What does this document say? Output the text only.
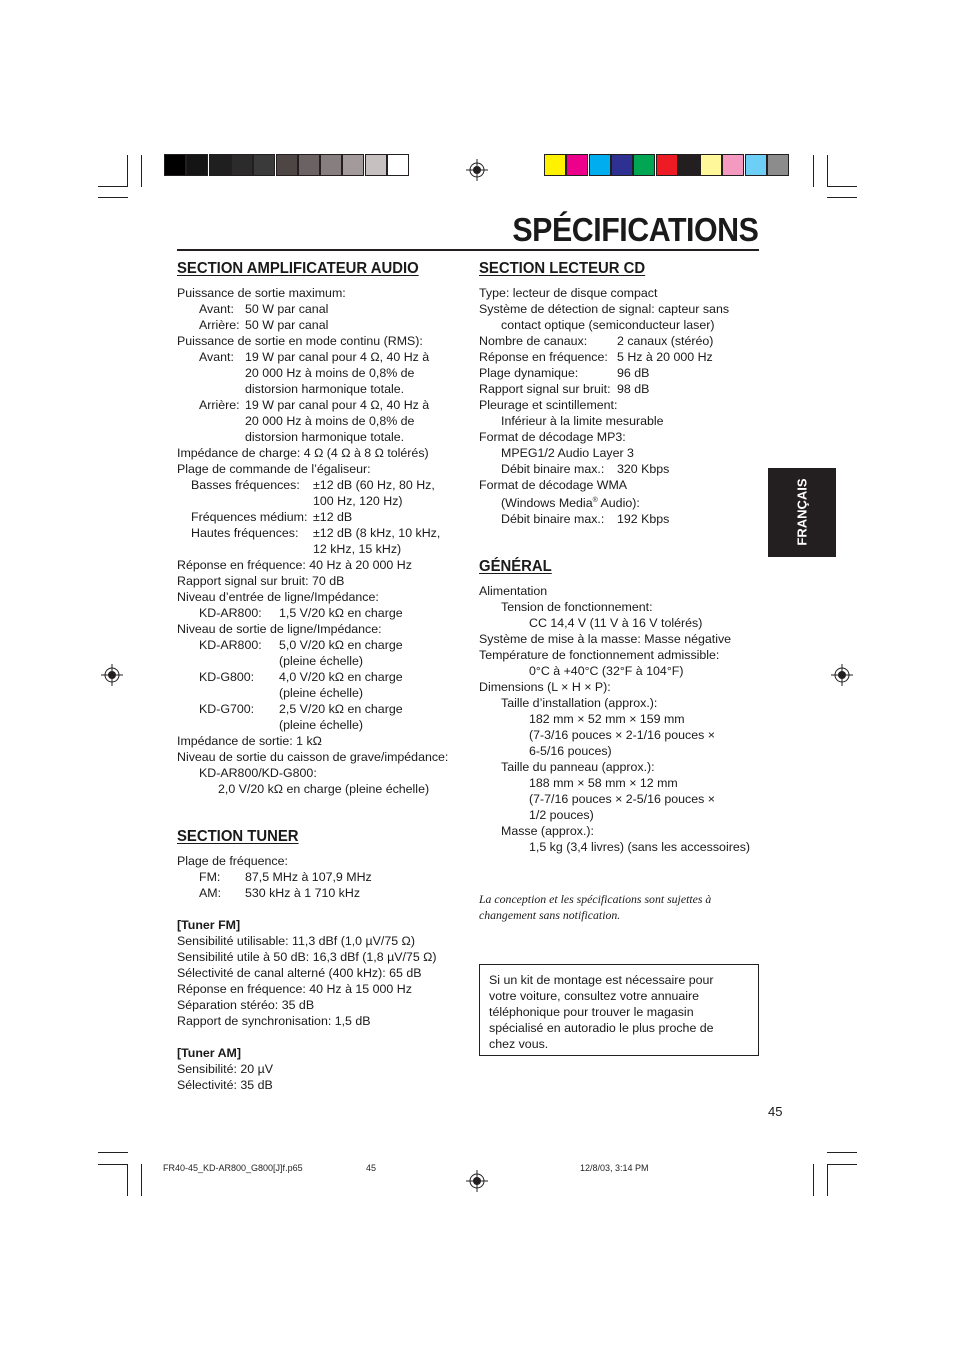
SPÉCIFICATIONS
SECTION AMPLIFICATEUR AUDIO
Puissance de sortie maximum:
Avant: 50 W par canal
Arrière: 50 W par canal
Puissance de sortie en mode continu (RMS):
Avant: 19 W par canal pour 4 Ω, 40 Hz à
20 000 Hz à moins de 0,8% de
distorsion harmonique totale.
Arrière: 19 W par canal pour 4 Ω, 40 Hz à
20 000 Hz à moins de 0,8% de
distorsion harmonique totale.
Impédance de charge: 4 Ω (4 Ω à 8 Ω tolérés)
Plage de commande de l’égaliseur:
Basses fréquences:	±12 dB (60 Hz, 80 Hz,
100 Hz, 120 Hz)
Fréquences médium: ±12 dB
Hautes fréquences:	±12 dB (8 kHz, 10 kHz,
12 kHz, 15 kHz)
Réponse en fréquence: 40 Hz à 20 000 Hz
Rapport signal sur bruit: 70 dB
Niveau d’entrée de ligne/Impédance:
KD-AR800:	1,5 V/20 kΩ en charge
Niveau de sortie de ligne/Impédance:
KD-AR800:	5,0 V/20 kΩ en charge
(pleine échelle)
KD-G800:	4,0 V/20 kΩ en charge
(pleine échelle)
KD-G700:	2,5 V/20 kΩ en charge
(pleine échelle)
Impédance de sortie: 1 kΩ
Niveau de sortie du caisson de grave/impédance:
KD-AR800/KD-G800:
2,0 V/20 kΩ en charge (pleine échelle)
SECTION TUNER
Plage de fréquence:
FM:	87,5 MHz à 107,9 MHz
AM:	530 kHz à 1 710 kHz
[Tuner FM]
Sensibilité utilisable: 11,3 dBf (1,0 µV/75 Ω)
Sensibilité utile à 50 dB: 16,3 dBf (1,8 µV/75 Ω)
Sélectivité de canal alterné (400 kHz): 65 dB
Réponse en fréquence: 40 Hz à 15 000 Hz
Séparation stéréo: 35 dB
Rapport de synchronisation: 1,5 dB
[Tuner AM]
Sensibilité: 20 µV
Sélectivité: 35 dB
SECTION LECTEUR CD
Type: lecteur de disque compact
Système de détection de signal: capteur sans
contact optique (semiconducteur laser)
Nombre de canaux:	2 canaux (stéréo)
Réponse en fréquence: 5 Hz à 20 000 Hz
Plage dynamique:	96 dB
Rapport signal sur bruit: 98 dB
Pleurage et scintillement:
Inférieur à la limite mesurable
Format de décodage MP3:
MPEG1/2 Audio Layer 3
Débit binaire max.:	320 Kbps
Format de décodage WMA
(Windows Media® Audio):
Débit binaire max.:	192 Kbps
GÉNÉRAL
Alimentation
Tension de fonctionnement:
CC 14,4 V (11 V à 16 V tolérés)
Système de mise à la masse: Masse négative
Température de fonctionnement admissible:
0°C à +40°C (32°F à 104°F)
Dimensions (L × H × P):
Taille d’installation (approx.):
182 mm × 52 mm × 159 mm
(7-3/16 pouces × 2-1/16 pouces ×
6-5/16 pouces)
Taille du panneau (approx.):
188 mm × 58 mm × 12 mm
(7-7/16 pouces × 2-5/16 pouces ×
1/2 pouces)
Masse (approx.):
1,5 kg (3,4 livres) (sans les accessoires)
La conception et les spécifications sont sujettes à
changement sans notification.
Si un kit de montage est nécessaire pour
votre voiture, consultez votre annuaire
téléphonique pour trouver le magasin
spécialisé en autoradio le plus proche de
chez vous.
FRANÇAIS
45
FR40-45_KD-AR800_G800[J]f.p65	45	12/8/03, 3:14 PM
